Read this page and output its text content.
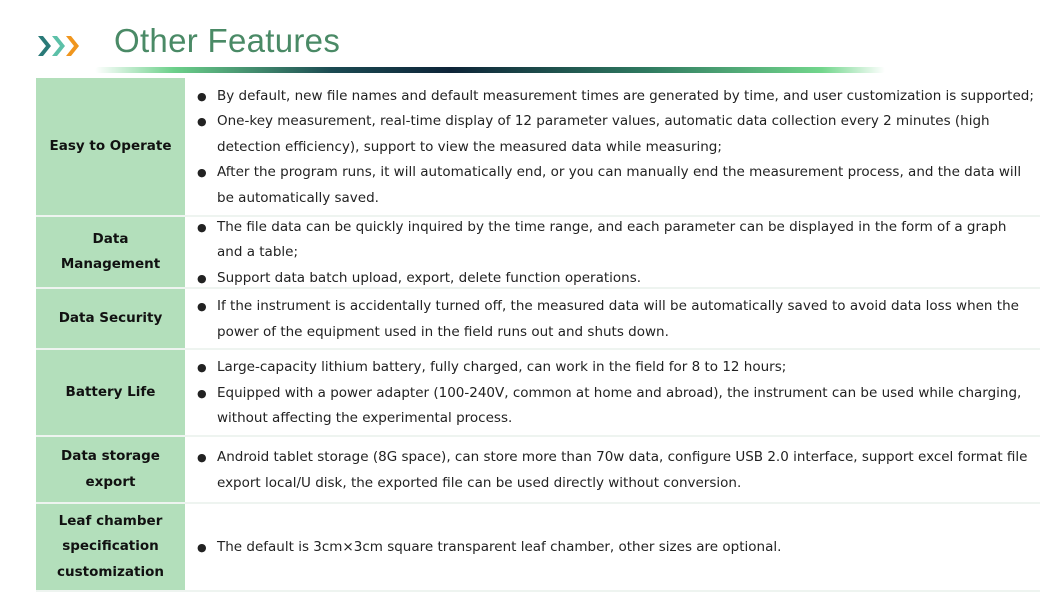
Other Features
Easy to Operate
● By default, new file names and default measurement times are generated by time, and user customization is supported;
● One-key measurement, real-time display of 12 parameter values, automatic data collection every 2 minutes (high detection efficiency), support to view the measured data while measuring;
● After the program runs, it will automatically end, or you can manually end the measurement process, and the data will be automatically saved.
Data Management
● The file data can be quickly inquired by the time range, and each parameter can be displayed in the form of a graph and a table;
● Support data batch upload, export, delete function operations.
Data Security
● If the instrument is accidentally turned off, the measured data will be automatically saved to avoid data loss when the power of the equipment used in the field runs out and shuts down.
Battery Life
● Large-capacity lithium battery, fully charged, can work in the field for 8 to 12 hours;
● Equipped with a power adapter (100-240V, common at home and abroad), the instrument can be used while charging, without affecting the experimental process.
Data storage export
● Android tablet storage (8G space), can store more than 70w data, configure USB 2.0 interface, support excel format file export local/U disk, the exported file can be used directly without conversion.
Leaf chamber specification customization
● The default is 3cm×3cm square transparent leaf chamber, other sizes are optional.
